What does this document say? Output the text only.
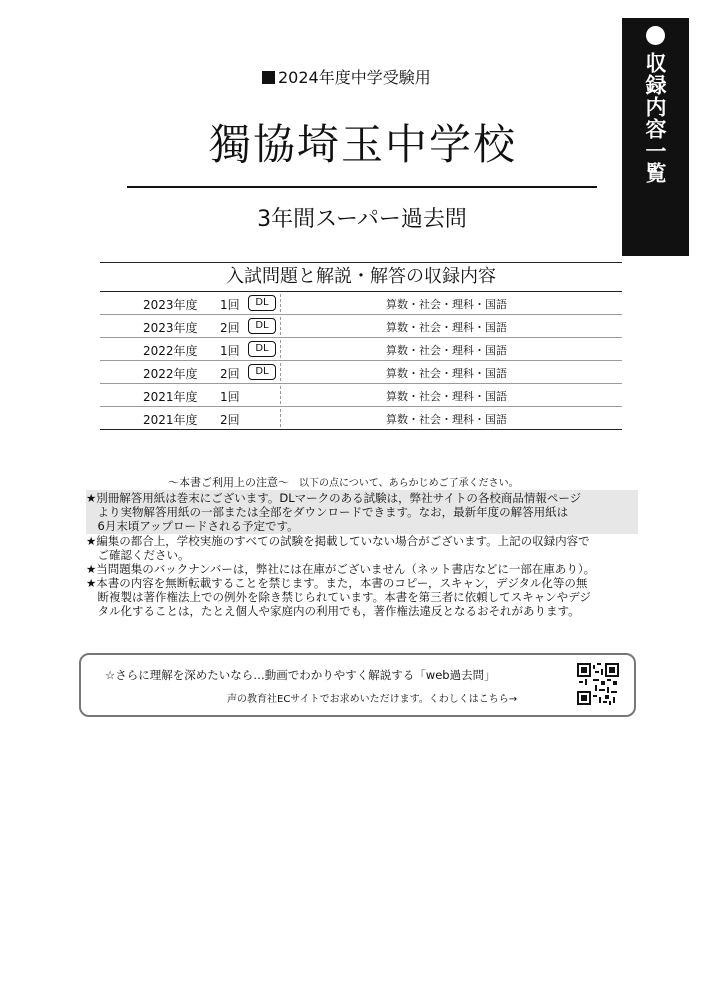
収録内容一覧
2024年度中学受験用
獨協埼玉中学校
3年間スーパー過去問
入試問題と解説・解答の収録内容
2023年度 1回	DL	算数・社会・理科・国語
2023年度 2回	DL	算数・社会・理科・国語
2022年度 1回	DL	算数・社会・理科・国語
2022年度 2回	DL	算数・社会・理科・国語
2021年度 1回	算数・社会・理科・国語
2021年度 2回	算数・社会・理科・国語
～本書ご利用上の注意～ 以下の点について、あらかじめご了承ください。

★別冊解答用紙は巻末にございます。DLマークのある試験は，弊社サイトの各校商品情報ページ

　より実物解答用紙の一部または全部をダウンロードできます。なお，最新年度の解答用紙は

　6月末頃アップロードされる予定です。

★編集の都合上，学校実施のすべての試験を掲載していない場合がございます。上記の収録内容で

　ご確認ください。

★当問題集のバックナンバーは，弊社には在庫がございません（ネット書店などに一部在庫あり）。

★本書の内容を無断転載することを禁じます。また，本書のコピー，スキャン，デジタル化等の無

　断複製は著作権法上での例外を除き禁じられています。本書を第三者に依頼してスキャンやデジ

　タル化することは，たとえ個人や家庭内の利用でも，著作権法違反となるおそれがあります。

☆さらに理解を深めたいなら…動画でわかりやすく解説する「web過去問」
声の教育社ECサイトでお求めいただけます。くわしくはこちら→
